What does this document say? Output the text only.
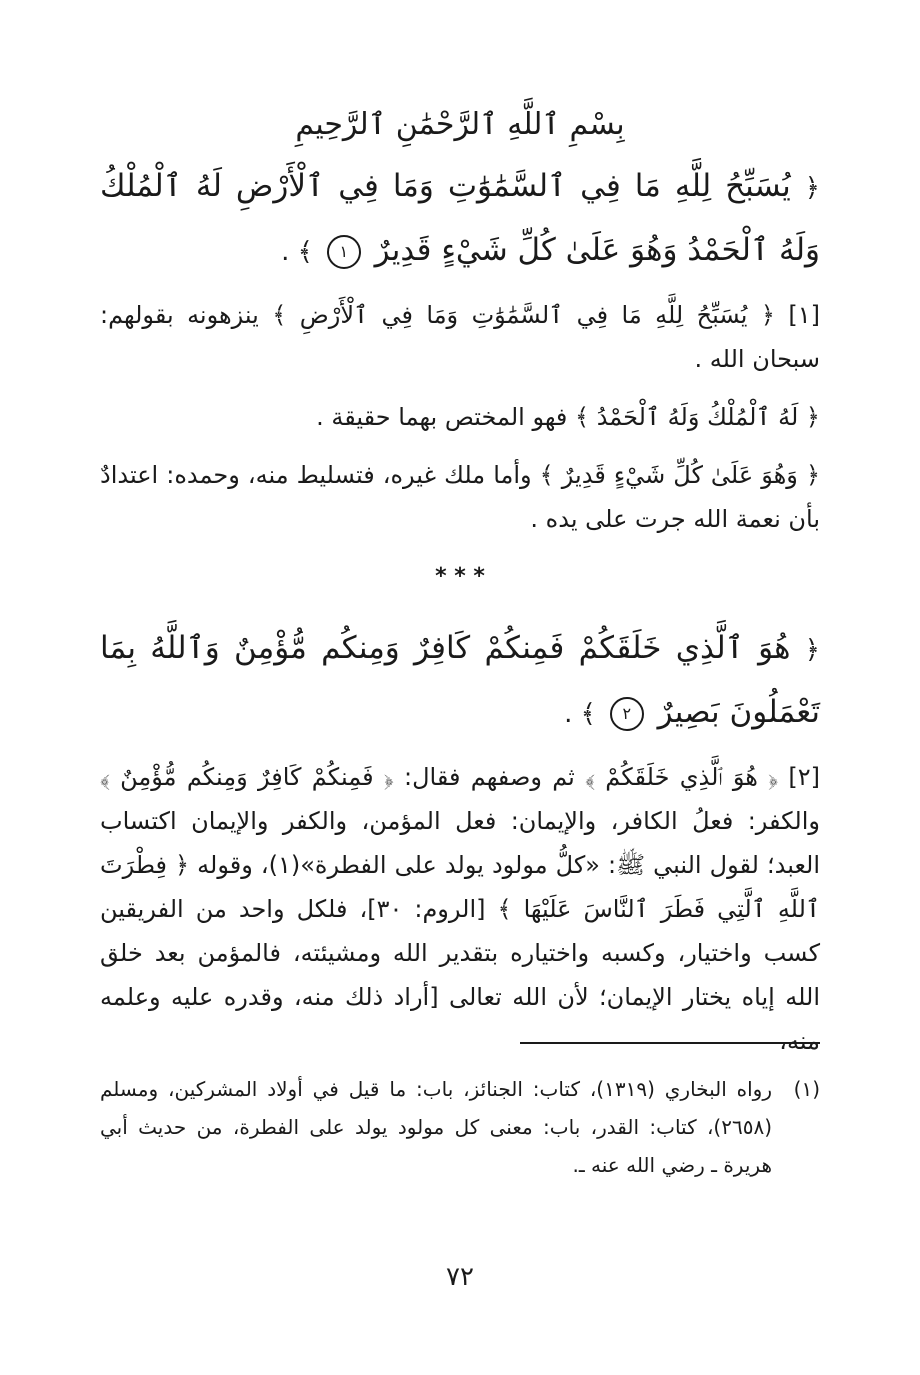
بِسْمِ ٱللَّهِ ٱلرَّحْمَٰنِ ٱلرَّحِيمِ

﴿ يُسَبِّحُ لِلَّهِ مَا فِي ٱلسَّمَٰوَٰتِ وَمَا فِي ٱلْأَرْضِ لَهُ ٱلْمُلْكُ وَلَهُ ٱلْحَمْدُ وَهُوَ عَلَىٰ كُلِّ شَيْءٍ قَدِيرٌ ١ ﴾ .

[١] ﴿ يُسَبِّحُ لِلَّهِ مَا فِي ٱلسَّمَٰوَٰتِ وَمَا فِي ٱلْأَرْضِ ﴾ ينزهونه بقولهم: سبحان الله .

﴿ لَهُ ٱلْمُلْكُ وَلَهُ ٱلْحَمْدُ ﴾ فهو المختص بهما حقيقة .

﴿ وَهُوَ عَلَىٰ كُلِّ شَيْءٍ قَدِيرٌ ﴾ وأما ملك غيره، فتسليط منه، وحمده: اعتدادٌ بأن نعمة الله جرت على يده .

* * *

﴿ هُوَ ٱلَّذِي خَلَقَكُمْ فَمِنكُمْ كَافِرٌ وَمِنكُم مُّؤْمِنٌ وَٱللَّهُ بِمَا تَعْمَلُونَ بَصِيرٌ ٢ ﴾ .

[٢] ﴿ هُوَ ٱلَّذِي خَلَقَكُمْ ﴾ ثم وصفهم فقال: ﴿ فَمِنكُمْ كَافِرٌ وَمِنكُم مُّؤْمِنٌ ﴾ والكفر: فعلُ الكافر، والإيمان: فعل المؤمن، والكفر والإيمان اكتساب العبد؛ لقول النبي ﷺ: «كلُّ مولود يولد على الفطرة»(١)، وقوله ﴿ فِطْرَتَ ٱللَّهِ ٱلَّتِي فَطَرَ ٱلنَّاسَ عَلَيْهَا ﴾ [الروم: ٣٠]، فلكل واحد من الفريقين كسب واختيار، وكسبه واختياره بتقدير الله ومشيئته، فالمؤمن بعد خلق الله إياه يختار الإيمان؛ لأن الله تعالى [أراد ذلك منه، وقدره عليه وعلمه منه،

(١)
رواه البخاري (١٣١٩)، كتاب: الجنائز، باب: ما قيل في أولاد المشركين، ومسلم (٢٦٥٨)، كتاب: القدر، باب: معنى كل مولود يولد على الفطرة، من حديث أبي هريرة ـ رضي الله عنه ـ.
٧٢
